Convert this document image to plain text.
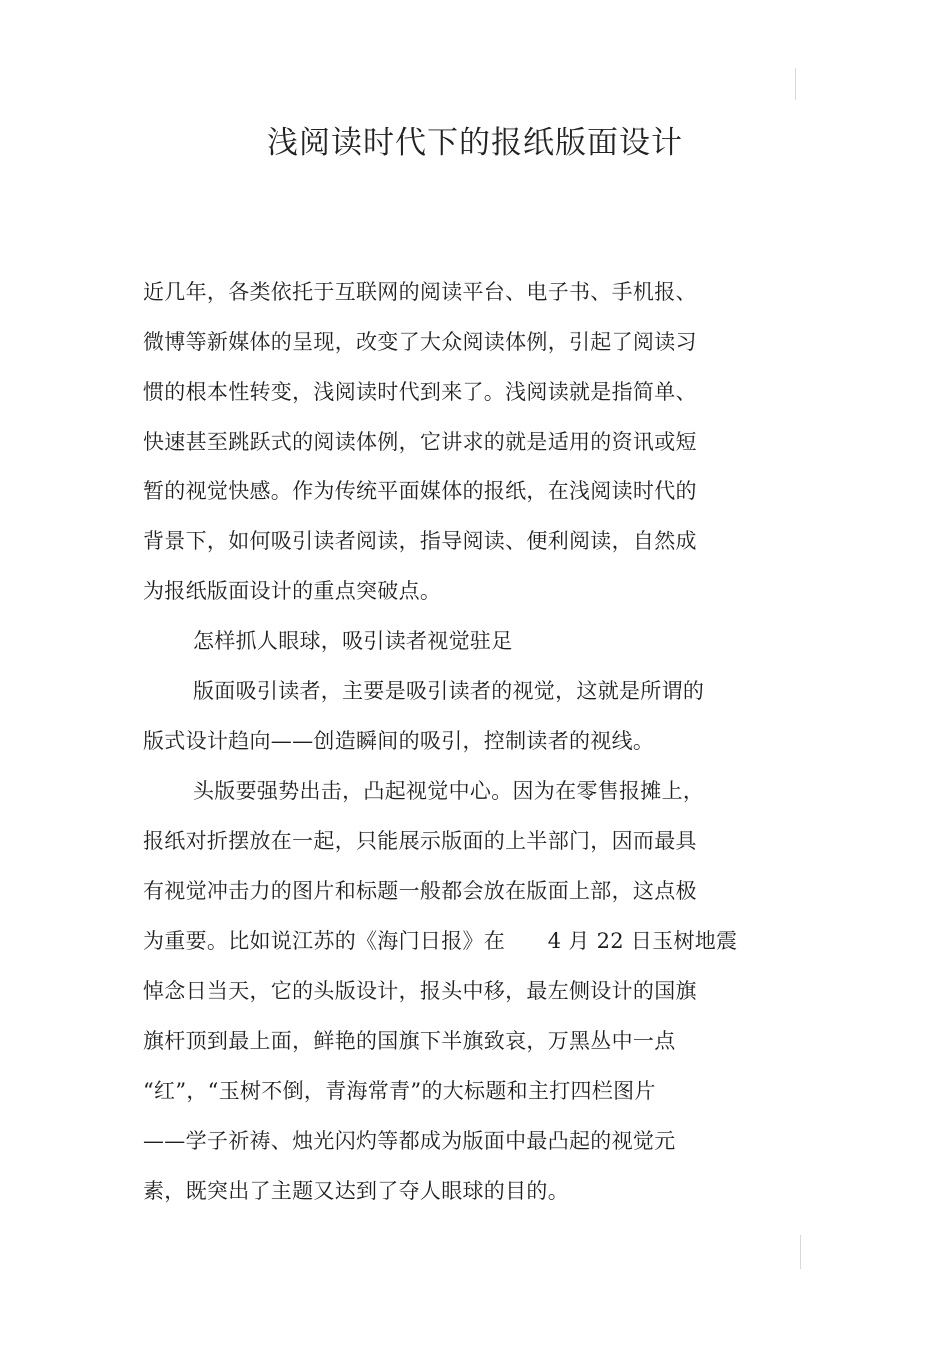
浅阅读时代下的报纸版面设计
近几年，各类依托于互联网的阅读平台、电子书、手机报、
微博等新媒体的呈现，改变了大众阅读体例，引起了阅读习
惯的根本性转变，浅阅读时代到来了。浅阅读就是指简单、
快速甚至跳跃式的阅读体例，它讲求的就是适用的资讯或短
暂的视觉快感。作为传统平面媒体的报纸，在浅阅读时代的
背景下，如何吸引读者阅读，指导阅读、便利阅读，自然成
为报纸版面设计的重点突破点。
怎样抓人眼球，吸引读者视觉驻足
版面吸引读者，主要是吸引读者的视觉，这就是所谓的
版式设计趋向——创造瞬间的吸引，控制读者的视线。
头版要强势出击，凸起视觉中心。因为在零售报摊上，
报纸对折摆放在一起，只能展示版面的上半部门，因而最具
有视觉冲击力的图片和标题一般都会放在版面上部，这点极
为重要。比如说江苏的《海门日报》在　　4 月 22 日玉树地震
悼念日当天，它的头版设计，报头中移，最左侧设计的国旗
旗杆顶到最上面，鲜艳的国旗下半旗致哀，万黑丛中一点
“红”，“玉树不倒，青海常青”的大标题和主打四栏图片
——学子祈祷、烛光闪灼等都成为版面中最凸起的视觉元
素，既突出了主题又达到了夺人眼球的目的。
